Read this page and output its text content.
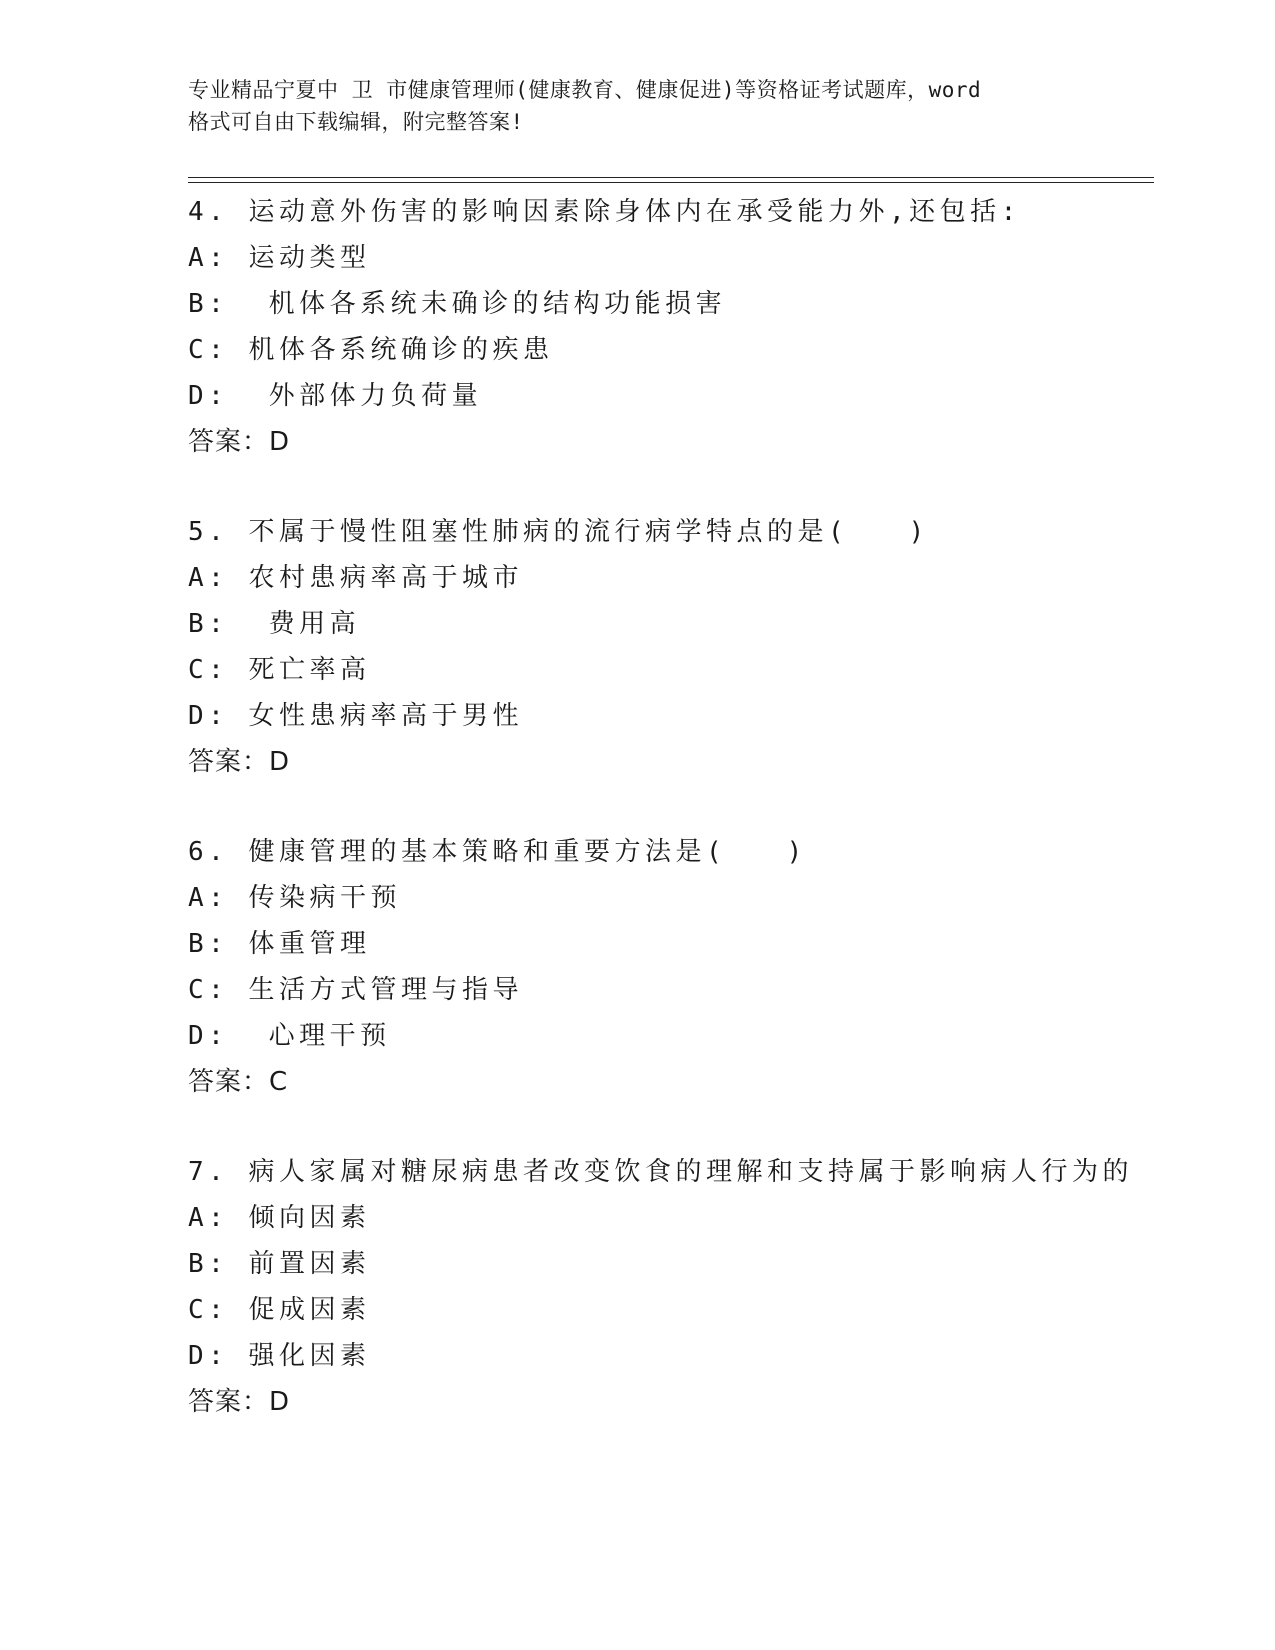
专业精品宁夏中 卫 市健康管理师(健康教育、健康促进)等资格证考试题库，word
格式可自由下载编辑，附完整答案!
4. 运动意外伤害的影响因素除身体内在承受能力外,还包括:
A: 运动类型
B:  机体各系统未确诊的结构功能损害
C: 机体各系统确诊的疾患
D:  外部体力负荷量
答案：D
5. 不属于慢性阻塞性肺病的流行病学特点的是(   )
A: 农村患病率高于城市
B:  费用高
C: 死亡率高
D: 女性患病率高于男性
答案：D
6. 健康管理的基本策略和重要方法是(   )
A: 传染病干预
B: 体重管理
C: 生活方式管理与指导
D:  心理干预
答案：C
7. 病人家属对糖尿病患者改变饮食的理解和支持属于影响病人行为的
A: 倾向因素
B: 前置因素
C: 促成因素
D: 强化因素
答案：D
